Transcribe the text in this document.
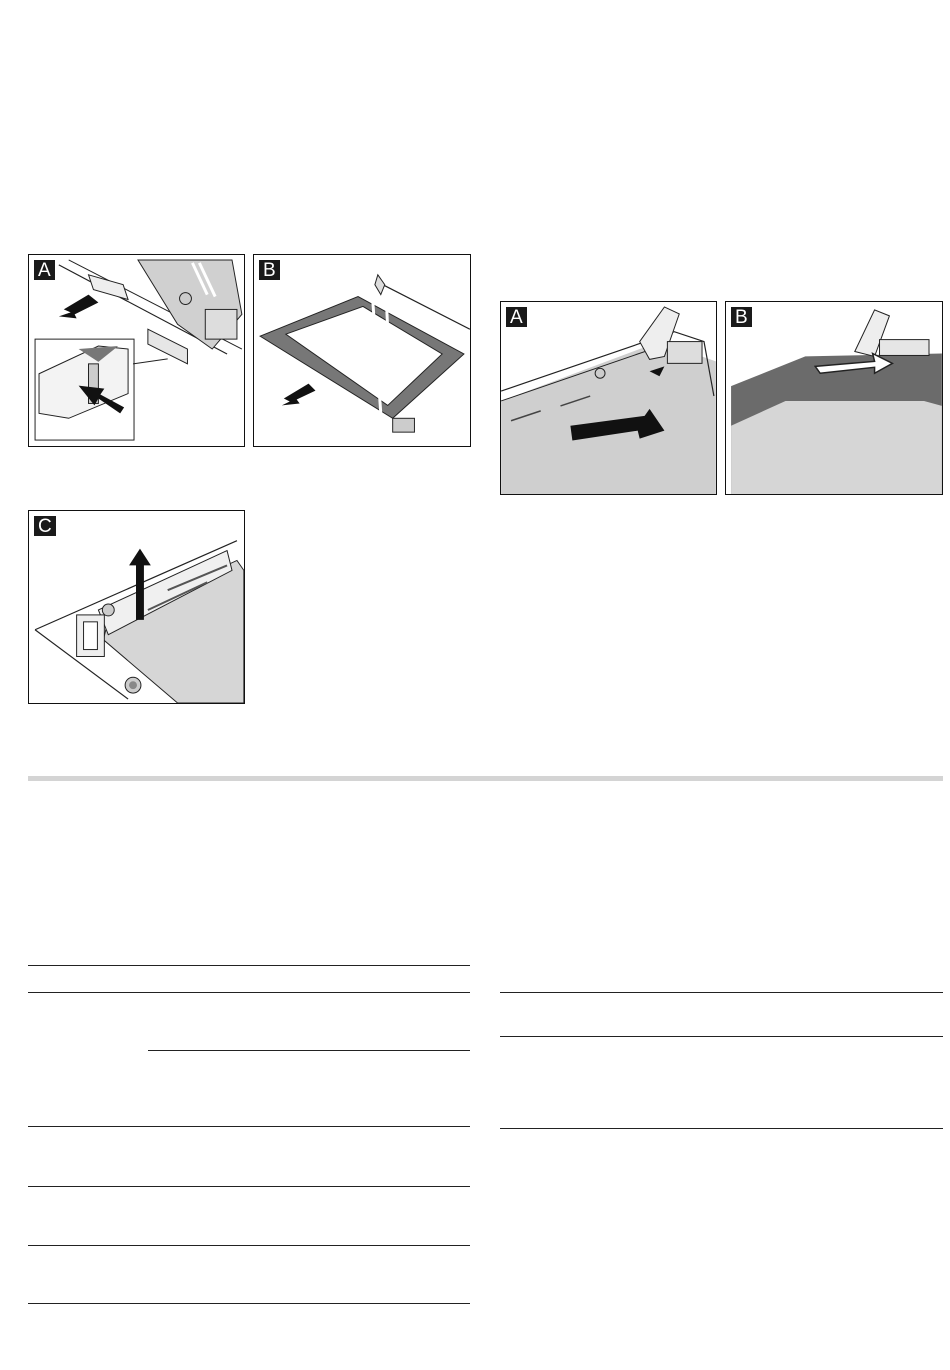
A	B
C
A	B
